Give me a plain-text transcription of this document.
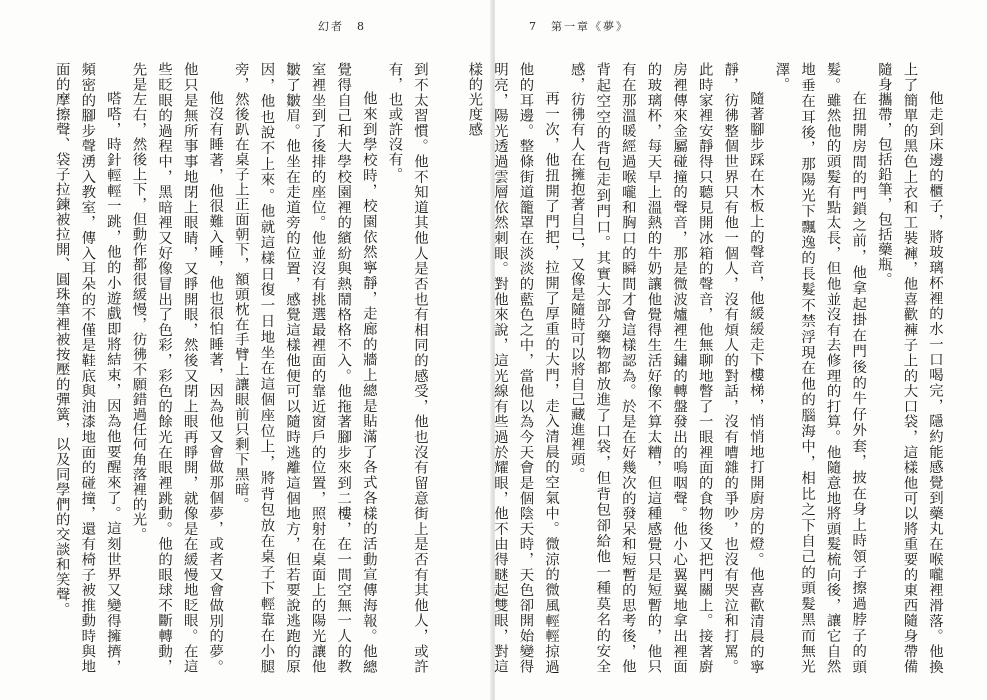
幻者　8

到不太習慣。他不知道其他人是否也有相同的感受，他也沒有留意街上是否有其他人，或許有，也或許沒有。

他來到學校時，校園依然寧靜，走廊的牆上總是貼滿了各式各樣的活動宣傳海報。他總覺得自己和大學校園裡的繽紛與熱鬧格格不入。他拖著腳步來到二樓，在一間空無一人的教室裡坐到了後排的座位。他並沒有挑選最裡面的靠近窗戶的位置，照射在桌面上的陽光讓他皺了皺眉。他坐在走道旁的位置，感覺這樣他便可以隨時逃離這個地方，但若要說逃跑的原因，他也說不上來。他就這樣日復一日地坐在這個座位上，將背包放在桌子下輕靠在小腿旁，然後趴在桌子上正面朝下，額頭枕在手臂上讓眼前只剩下黑暗。

他沒有睡著，他很難入睡，他也很怕睡著，因為他又會做那個夢，或者又會做別的夢。他只是無所事事地閉上眼睛，又睜開眼，然後又閉上眼再睜開，就像是在緩慢地眨眼。在這些眨眼的過程中，黑暗裡又好像冒出了色彩，彩色的餘光在眼裡跳動。他的眼球不斷轉動，先是左右，然後上下，但動作都很緩慢，彷彿不願錯過任何角落裡的光。

嗒嗒，時針輕輕一跳，他的小遊戲即將結束，因為他要醒來了。這刻世界又變得擁擠，頻密的腳步聲湧入教室，傳入耳朵的不僅是鞋底與油漆地面的碰撞，還有椅子被推動時與地面的摩擦聲、袋子拉鍊被拉開、圓珠筆裡被按壓的彈簧，以及同學們的交談和笑聲。

7　第一章《夢》

他走到床邊的櫃子，將玻璃杯裡的水一口喝完，隱約能感覺到藥丸在喉嚨裡滑落。他換上了簡單的黑色上衣和工裝褲，他喜歡褲子上的大口袋，這樣他可以將重要的東西隨身帶備隨身攜帶，包括鉛筆，包括藥瓶。

在扭開房間的門鎖之前，他拿起掛在門後的牛仔外套，披在身上時領子擦過脖子的頭髮。雖然他的頭髮有點太長，但他並沒有去修理的打算。他隨意地將頭髮梳向後，讓它自然地垂在耳後，那陽光下飄逸的長髮不禁浮現在他的腦海中，相比之下自己的頭髮黑而無光澤。

隨著腳步踩在木板上的聲音，他緩緩走下樓梯，悄悄地打開廚房的燈。他喜歡清晨的寧靜，彷彿整個世界只有他一個人，沒有煩人的對話，沒有嘈雜的爭吵，也沒有哭泣和打罵。此時家裡安靜得只聽見開冰箱的聲音，他無聊地瞥了一眼裡面的食物後又把門關上。接著廚房裡傳來金屬碰撞的聲音，那是微波爐裡生鏽的轉盤發出的嗚咽聲。他小心翼翼地拿出裡面的玻璃杯，每天早上溫熱的牛奶讓他覺得生活好像不算太糟，但這種感覺只是短暫的，他只有在那溫暖經過喉嚨和胸口的瞬間才會這樣認為。於是在好幾次的發呆和短暫的思考後，他背起空空的背包走到門口。其實大部分藥物都放進了口袋，但背包卻給他一種莫名的安全感，彷彿有人在擁抱著自己，又像是隨時可以將自己藏進裡頭。

再一次，他扭開了門把，拉開了厚重的大門，走入清晨的空氣中。微涼的微風輕輕掠過他的耳邊。整條街道籠罩在淡淡的藍色之中，當他以為今天會是個陰天時，天色卻開始變得明亮，陽光透過雲層依然刺眼。對他來說，這光線有些過於耀眼，他不由得瞇起雙眼，對這樣的光度感
